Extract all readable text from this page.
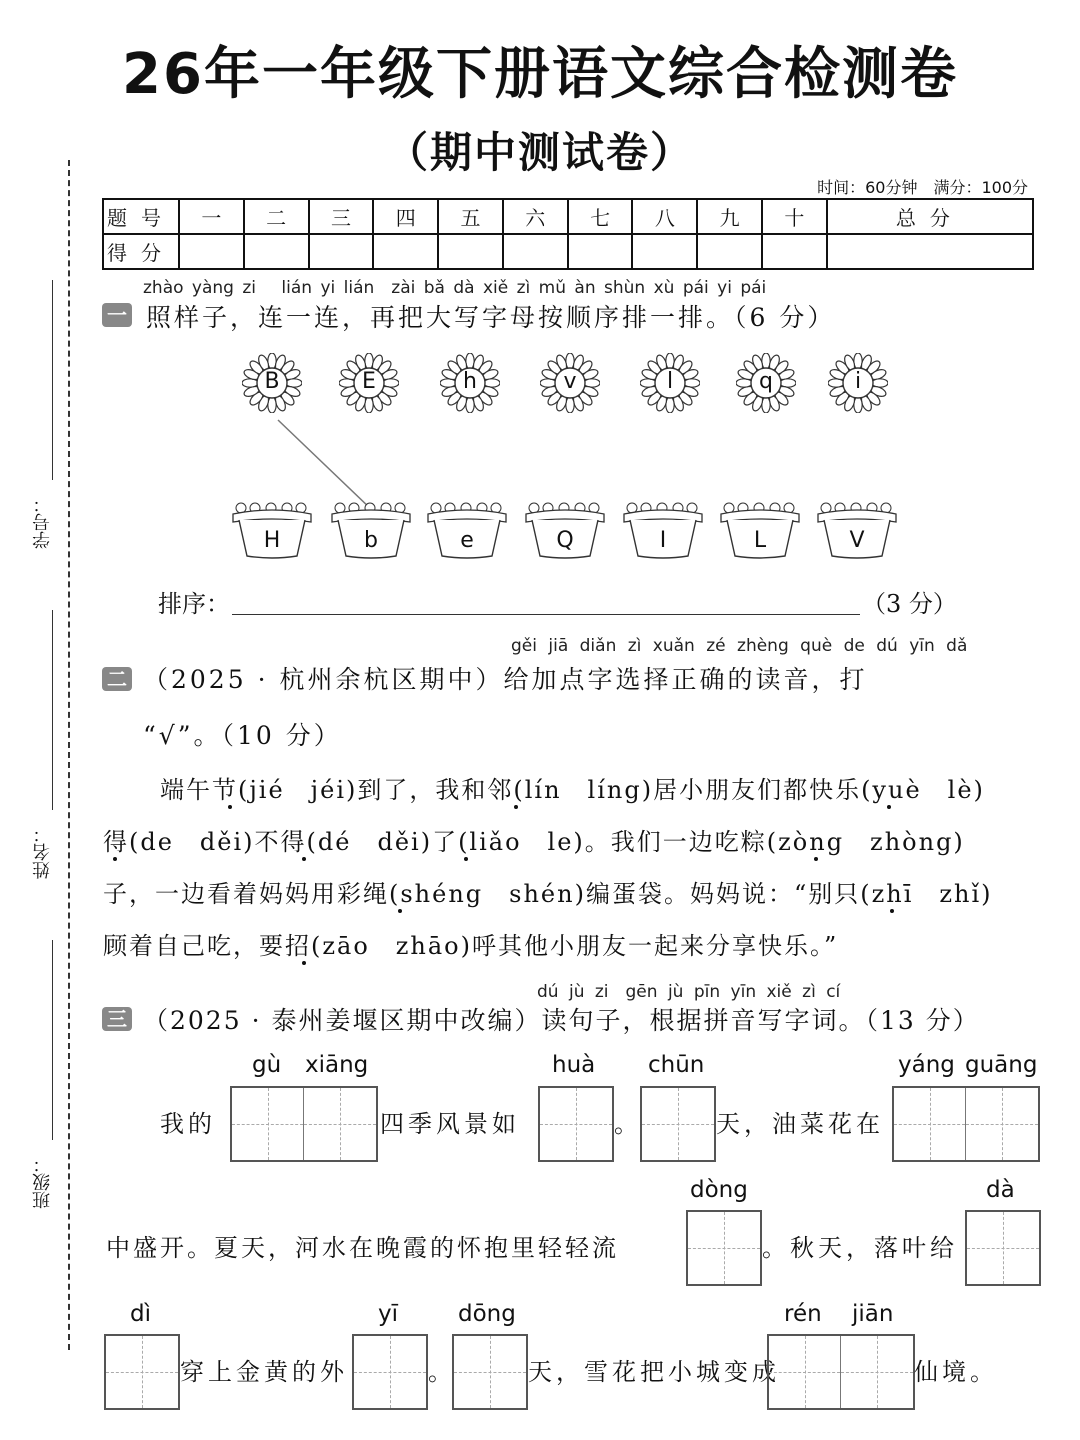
26年一年级下册语文综合检测卷
（期中测试卷）
时间：60分钟　满分：100分
题号	一	二	三	四	五	六	七	八	九	十	总分
得分											
学号：
姓名：
班级：
zhào yàng zi　 lián yi lián　zài bǎ dà xiě zì mǔ àn shùn xù pái yi pái
一 照样子，连一连，再把大写字母按顺序排一排。（6 分）
B	E	h	v	l	q	i
H	b	e	Q	I	L	V
排序：	（3 分）
gěi jiā diǎn zì xuǎn zé zhèng què de dú yīn dǎ
二 （2025 · 杭州余杭区期中）给加点字选择正确的读音，打
“√”。（10 分）
端午节(jié　jéi)到了，我和邻(lín　líng)居小朋友们都快乐(yuè　lè)
得(de　děi)不得(dé　děi)了(liǎo　le)。我们一边吃粽(zòng　zhòng)
子，一边看着妈妈用彩绳(shéng　shén)编蛋袋。妈妈说：“别只(zhī　zhǐ)
顾着自己吃，要招(zāo　zhāo)呼其他小朋友一起来分享快乐。”
dú jù zi　gēn jù pīn yīn xiě zì cí
三 （2025 · 泰州姜堰区期中改编）读句子，根据拼音写字词。（13 分）
我的
gù xiāng
四季风景如
huà
。
chūn
天，油菜花在
yáng guāng
中盛开。夏天，河水在晚霞的怀抱里轻轻流
dòng
。秋天，落叶给
dà
dì
穿上金黄的外
yī
。
dōng
天，雪花把小城变成
rén jiān
仙境。
